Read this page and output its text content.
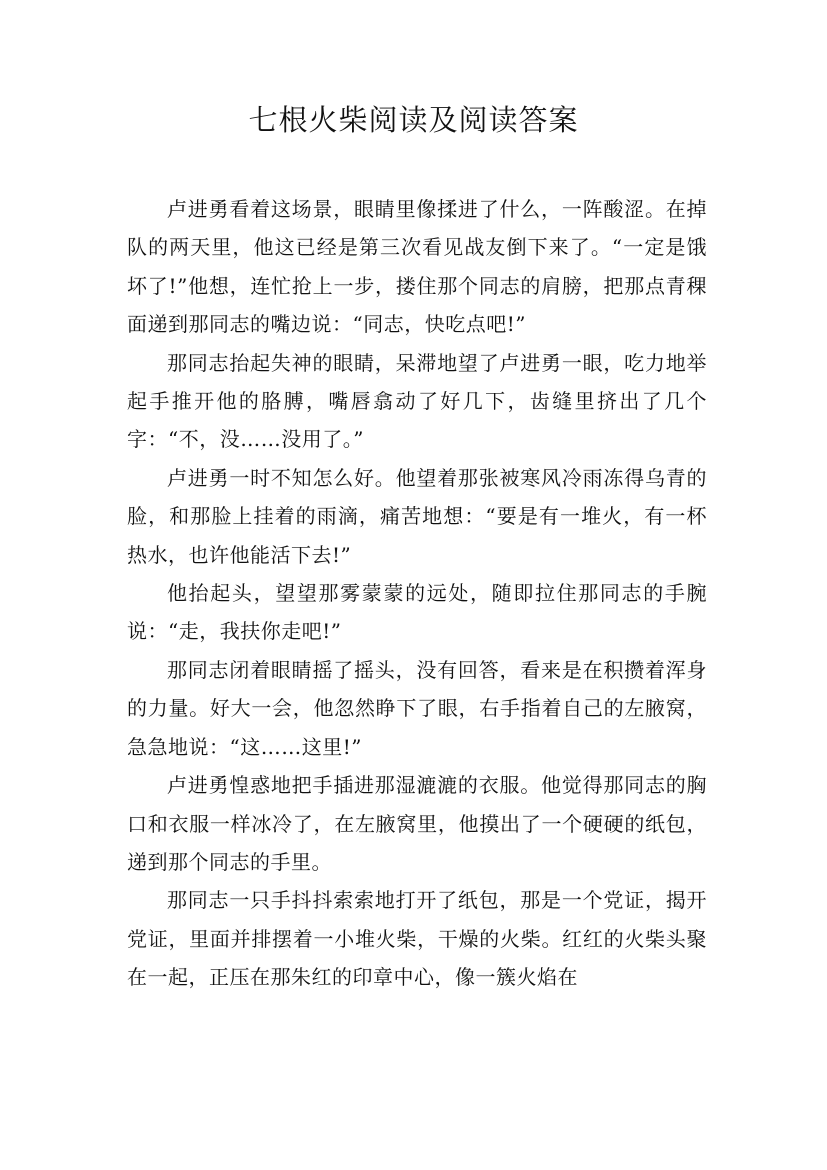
七根火柴阅读及阅读答案

卢进勇看着这场景，眼睛里像揉进了什么，一阵酸涩。在掉队的两天里，他这已经是第三次看见战友倒下来了。“一定是饿坏了!”他想，连忙抢上一步，搂住那个同志的肩膀，把那点青稞面递到那同志的嘴边说：“同志，快吃点吧!”

那同志抬起失神的眼睛，呆滞地望了卢进勇一眼，吃力地举起手推开他的胳膊，嘴唇翕动了好几下，齿缝里挤出了几个字：“不，没……没用了。”

卢进勇一时不知怎么好。他望着那张被寒风冷雨冻得乌青的脸，和那脸上挂着的雨滴，痛苦地想：“要是有一堆火，有一杯热水，也许他能活下去!”

他抬起头，望望那雾蒙蒙的远处，随即拉住那同志的手腕说：“走，我扶你走吧!”

那同志闭着眼睛摇了摇头，没有回答，看来是在积攒着浑身的力量。好大一会，他忽然睁下了眼，右手指着自己的左腋窝，急急地说：“这……这里!”

卢进勇惶惑地把手插进那湿漉漉的衣服。他觉得那同志的胸口和衣服一样冰冷了，在左腋窝里，他摸出了一个硬硬的纸包，递到那个同志的手里。

那同志一只手抖抖索索地打开了纸包，那是一个党证，揭开党证，里面并排摆着一小堆火柴，干燥的火柴。红红的火柴头聚在一起，正压在那朱红的印章中心，像一簇火焰在
